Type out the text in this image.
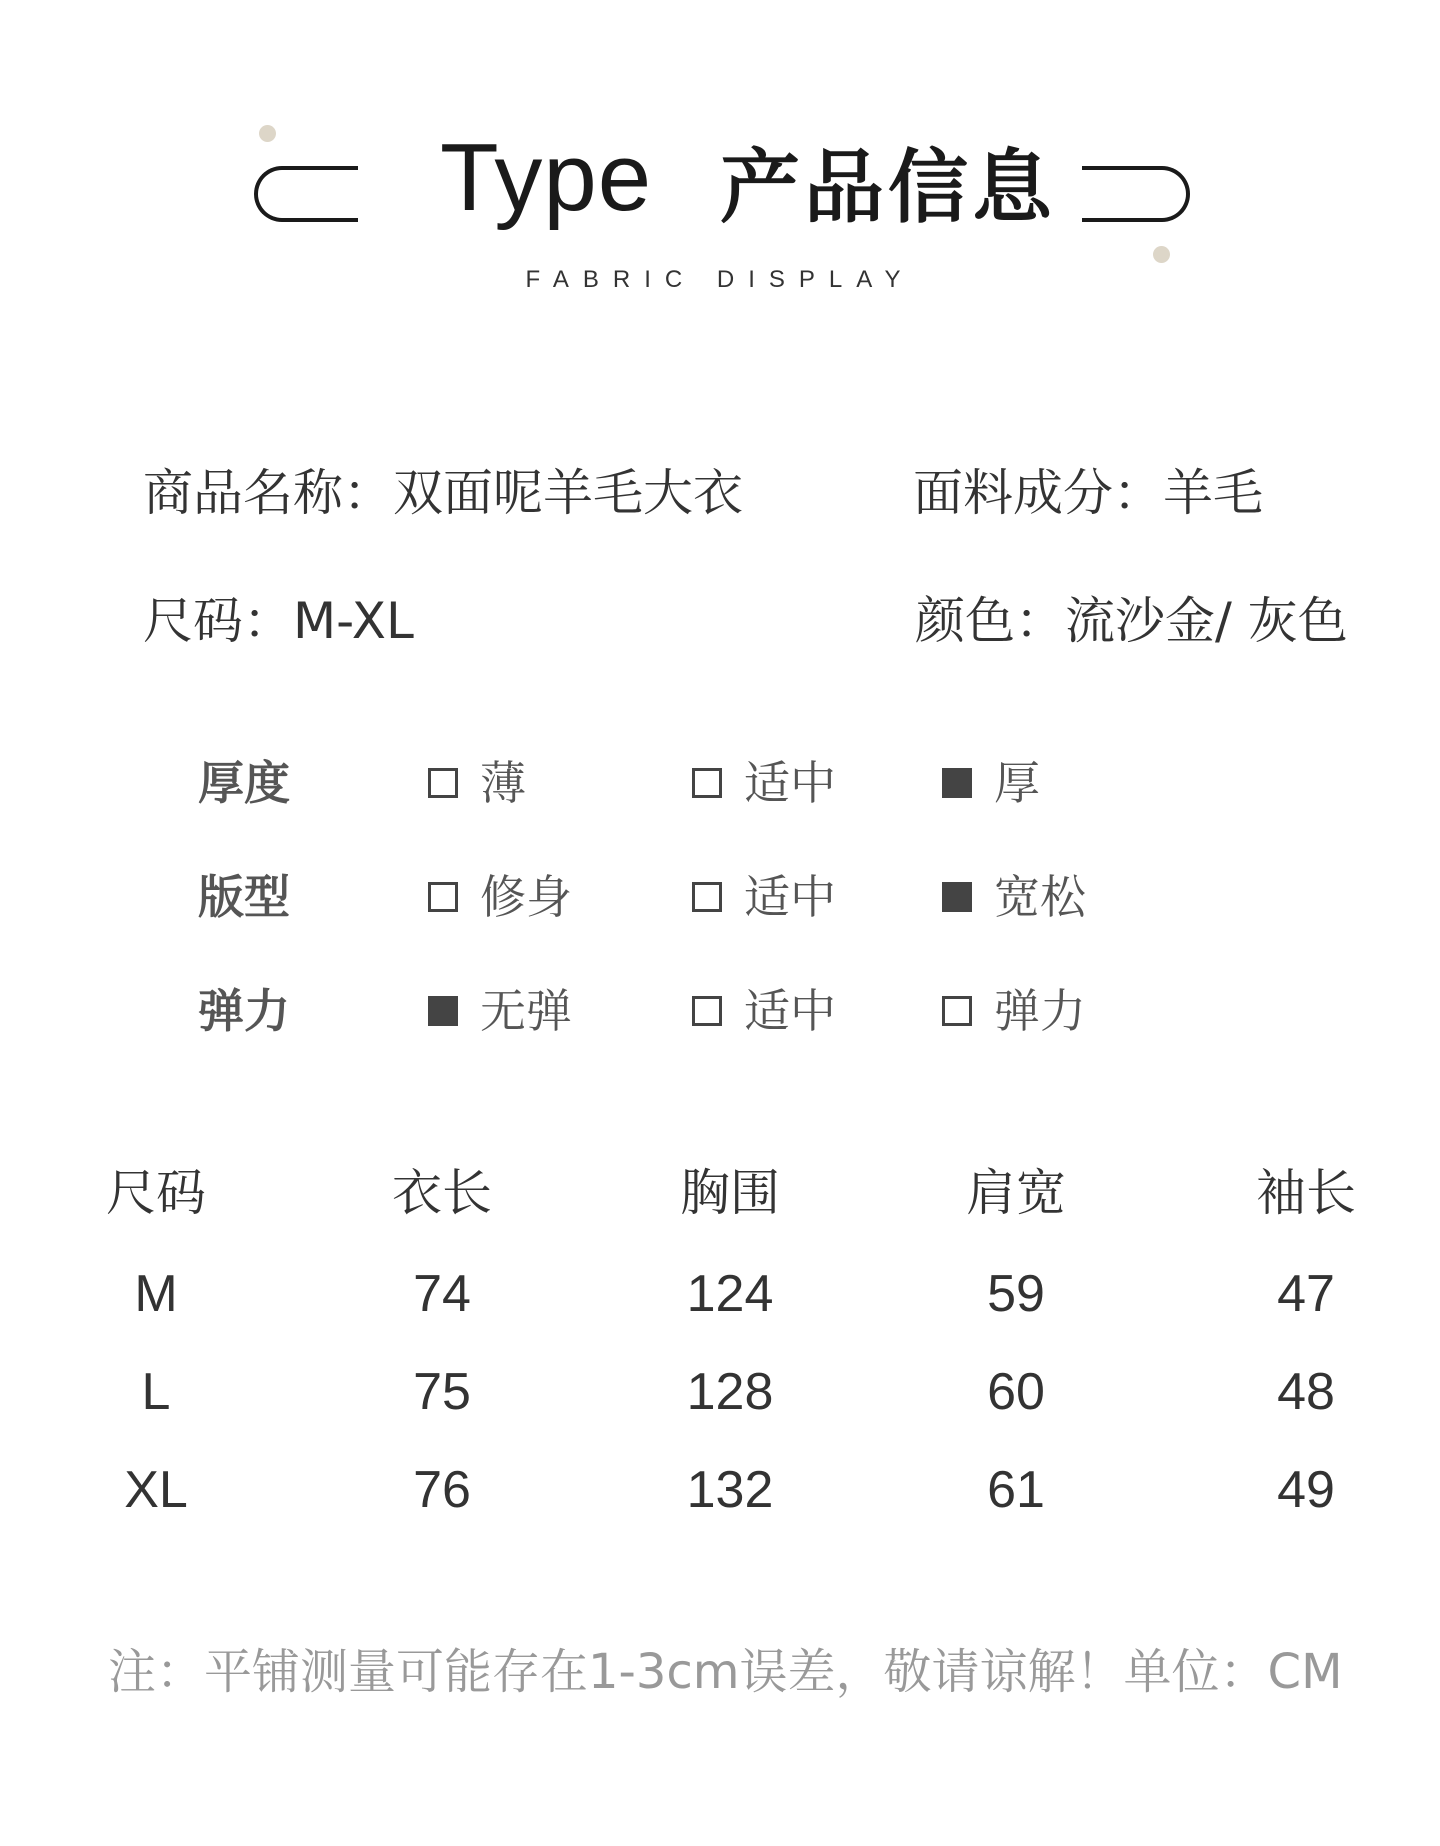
Type 产品信息
FABRIC DISPLAY
商品名称：双面呢羊毛大衣	面料成分：羊毛
尺码：M-XL	颜色：流沙金/ 灰色
厚度	薄	适中	厚
版型	修身	适中	宽松
弹力	无弹	适中	弹力
尺码	衣长	胸围	肩宽	袖长
M	74	124	59	47
L	75	128	60	48
XL	76	132	61	49
注：平铺测量可能存在1-3cm误差，敬请谅解！单位：CM
